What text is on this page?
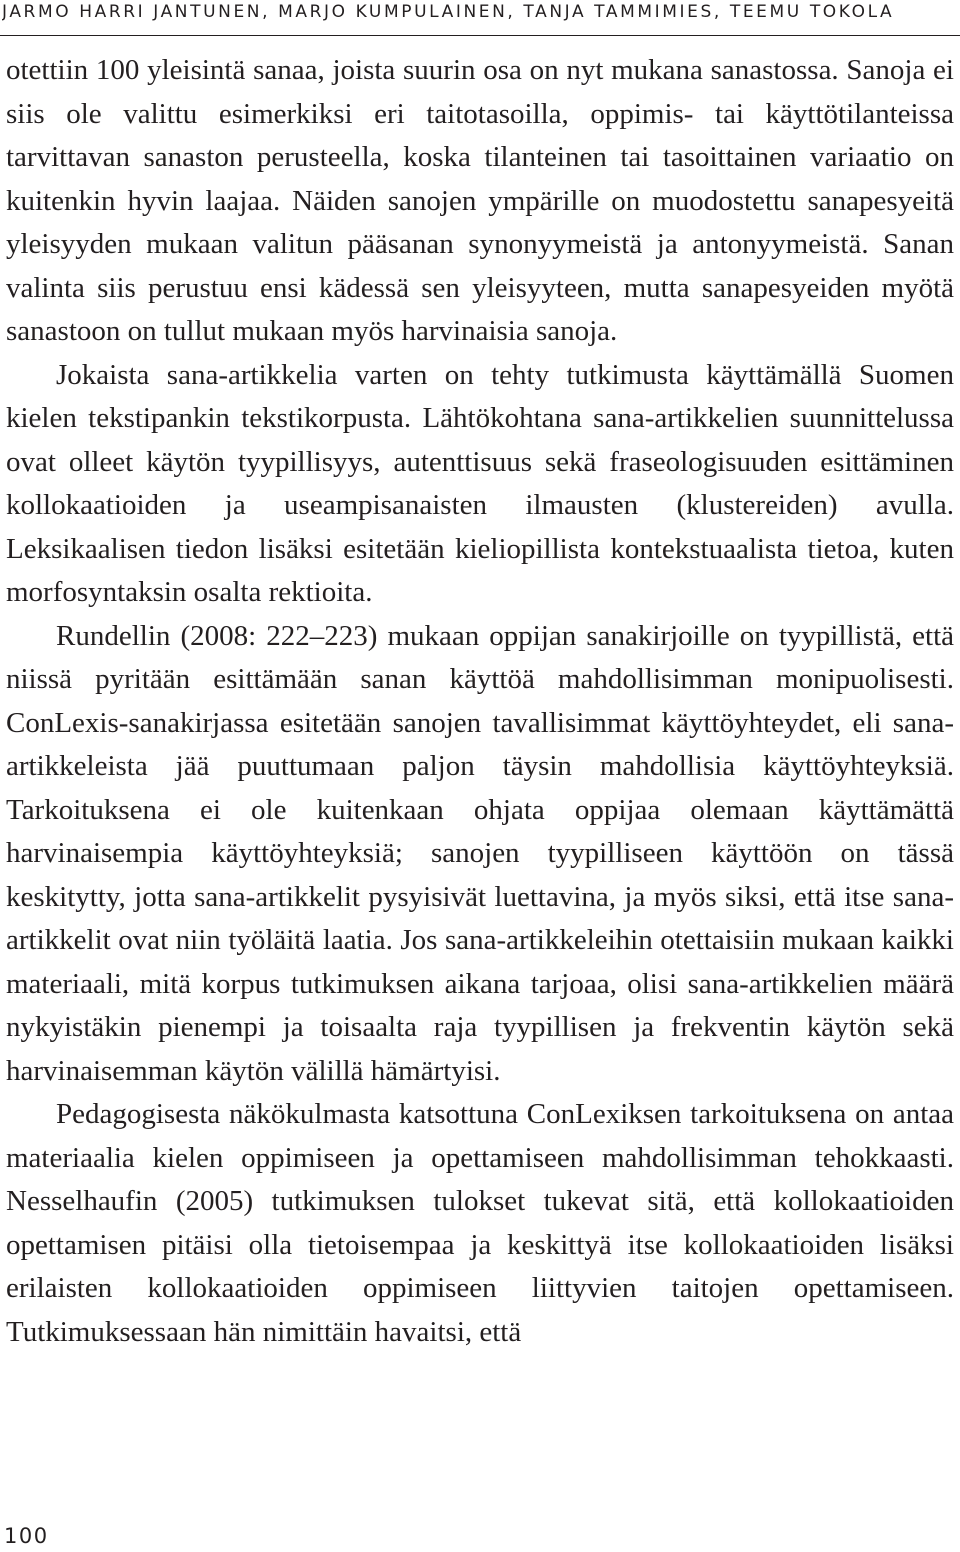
JARMO HARRI JANTUNEN, MARJO KUMPULAINEN, TANJA TAMMIMIES, TEEMU TOKOLA

otettiin 100 yleisintä sanaa, joista suurin osa on nyt mukana sanastossa. Sanoja ei siis ole valittu esimerkiksi eri taitotasoilla, oppimis- tai käyttötilanteissa tarvittavan sanaston perusteella, koska tilanteinen tai tasoittainen variaatio on kuitenkin hyvin laajaa. Näiden sanojen ympärille on muodostettu sanapesyeitä yleisyyden mukaan valitun pääsanan synonyymeistä ja antonyymeistä. Sanan valinta siis perustuu ensi kädessä sen yleisyyteen, mutta sanapesyeiden myötä sanastoon on tullut mukaan myös harvinaisia sanoja.

Jokaista sana-artikkelia varten on tehty tutkimusta käyttämällä Suomen kielen tekstipankin tekstikorpusta. Lähtökohtana sana-artikkelien suunnittelussa ovat olleet käytön tyypillisyys, autenttisuus sekä fraseologisuuden esittäminen kollokaatioiden ja useampisanaisten ilmausten (klustereiden) avulla. Leksikaalisen tiedon lisäksi esitetään kieliopillista kontekstuaalista tietoa, kuten morfosyntaksin osalta rektioita.

Rundellin (2008: 222–223) mukaan oppijan sanakirjoille on tyypillistä, että niissä pyritään esittämään sanan käyttöä mahdollisimman monipuolisesti. ConLexis-sanakirjassa esitetään sanojen tavallisimmat käyttöyhteydet, eli sana-artikkeleista jää puuttumaan paljon täysin mahdollisia käyttöyhteyksiä. Tarkoituksena ei ole kuitenkaan ohjata oppijaa olemaan käyttämättä harvinaisempia käyttöyhteyksiä; sanojen tyypilliseen käyttöön on tässä keskitytty, jotta sana-artikkelit pysyisivät luettavina, ja myös siksi, että itse sana-artikkelit ovat niin työläitä laatia. Jos sana-artikkeleihin otettaisiin mukaan kaikki materiaali, mitä korpus tutkimuksen aikana tarjoaa, olisi sana-artikkelien määrä nykyistäkin pienempi ja toisaalta raja tyypillisen ja frekventin käytön sekä harvinaisemman käytön välillä hämärtyisi.

Pedagogisesta näkökulmasta katsottuna ConLexiksen tarkoituksena on antaa materiaalia kielen oppimiseen ja opettamiseen mahdollisimman tehokkaasti. Nesselhaufin (2005) tutkimuksen tulokset tukevat sitä, että kollokaatioiden opettamisen pitäisi olla tietoisempaa ja keskittyä itse kollokaatioiden lisäksi erilaisten kollokaatioiden oppimiseen liittyvien taitojen opettamiseen. Tutkimuksessaan hän nimittäin havaitsi, että

100
